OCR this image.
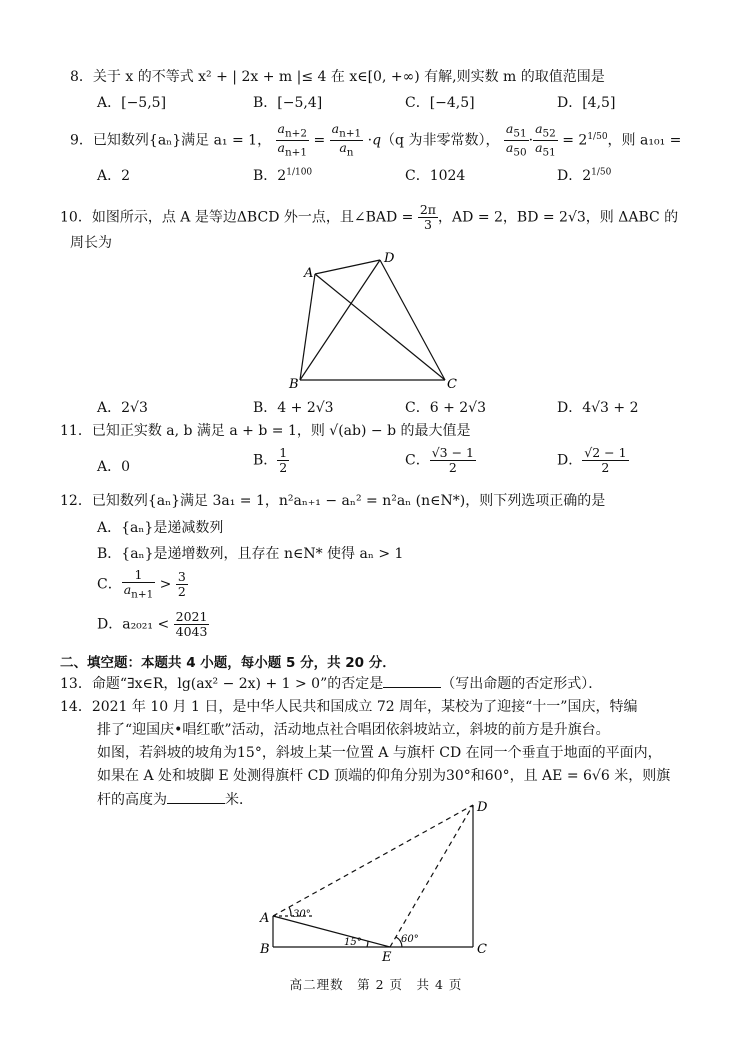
8．关于 x 的不等式 x² + | 2x + m |≤ 4 在 x∈[0, +∞) 有解,则实数 m 的取值范围是
A．[−5,5]	B．[−5,4]	C．[−4,5]	D．[4,5]
9．已知数列{aₙ}满足 a₁ = 1， $\frac{a_{n+2}}{a_{n+1}} = \frac{a_{n+1}}{a_n} \cdot q(q$ 为非零常数）， $\frac{a_{51}}{a_{50}} \cdot \frac{a_{52}}{a_{51}} = 2^{1/50}$，则 a₁₀₁ =
A．2	B．$2^{1/100}$	C．1024	D．$2^{1/50}$
10．如图所示，点 A 是等边ΔBCD 外一点，且∠BAD = $\frac{2\pi}{3}$ ，AD = 2，BD = 2√3，则 ΔABC 的
周长为
A
D
B	C
A．2√3	B．4 + 2√3	C．6 + 2√3	D．4√3 + 2
11．已知正实数 a, b 满足 a + b = 1，则 √(ab) − b 的最大值是
A．0	B． $\frac{1}{2}$	C． $\frac{√3 - 1}{2}$	D． $\frac{√2 - 1}{2}$
12．已知数列{aₙ}满足 3a₁ = 1，n²aₙ₊₁ − aₙ² = n²aₙ (n∈N*)，则下列选项正确的是
A．{aₙ}是递减数列
B．{aₙ}是递增数列，且存在 n∈N* 使得 aₙ > 1
C． $\frac{1}{a_{n+1}} > \frac{3}{2}$
D．$a_{2021} < \frac{2021}{4043}$
二、填空题：本题共 4 小题，每小题 5 分，共 20 分．
13．命题“∃x∈R，lg(ax² − 2x) + 1 > 0”的否定是	（写出命题的否定形式）．
14．2021 年 10 月 1 日，是中华人民共和国成立 72 周年，某校为了迎接“十一”国庆，特编
排了“迎国庆•唱红歌”活动，活动地点社合唱团依斜坡站立，斜坡的前方是升旗台。
如图，若斜坡的坡角为15°，斜坡上某一位置 A 与旗杆 CD 在同一个垂直于地面的平面内，
如果在 A 处和坡脚 E 处测得旗杆 CD 顶端的仰角分别为30°和60°，且 AE = 6√6 米，则旗
杆的高度为	米．	D
A 30°
B	15°
E
60°
C
高二理数　第 2 页　共 4 页
